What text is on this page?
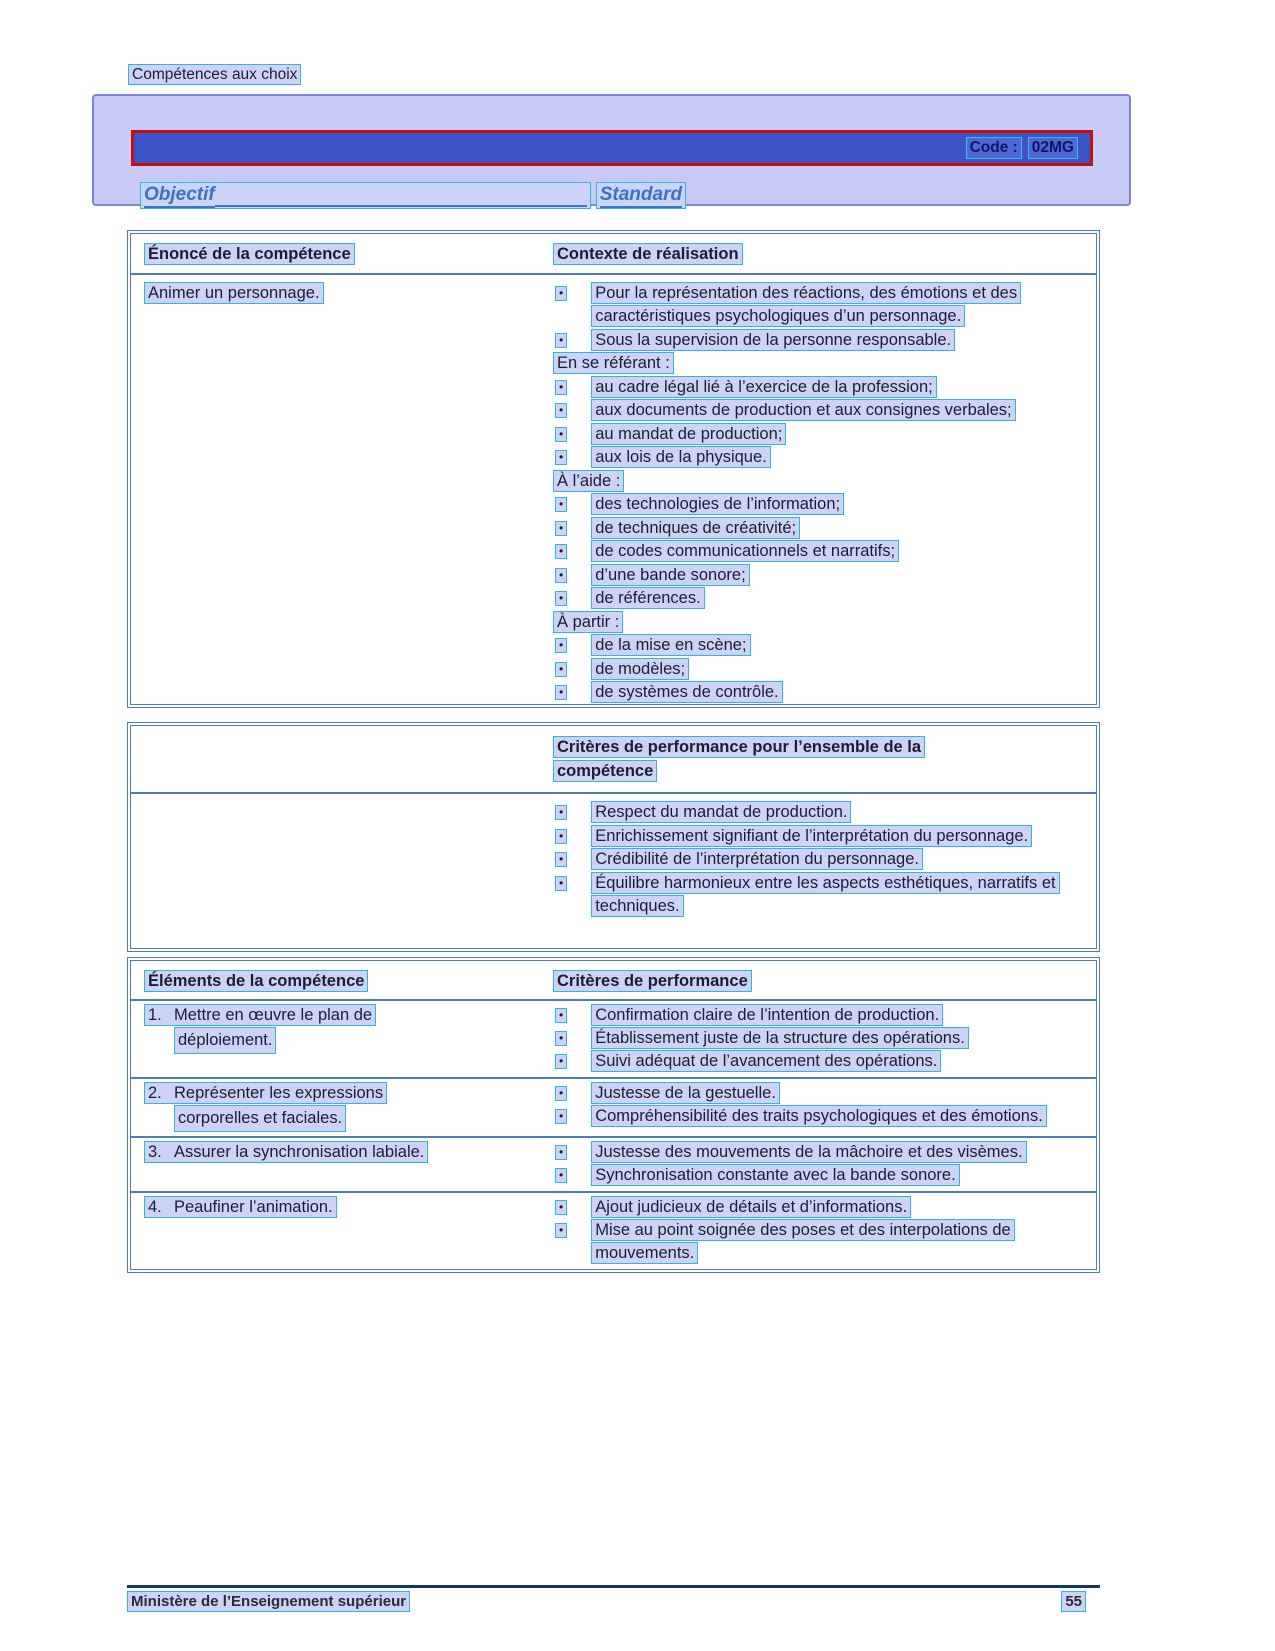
Compétences aux choix
Code : 02MG
Objectif	Standard
Énoncé de la compétence	Contexte de réalisation
Animer un personnage.	• Pour la représentation des réactions, des émotions et des caractéristiques psychologiques d’un personnage.
• Sous la supervision de la personne responsable.
En se référant :
• au cadre légal lié à l’exercice de la profession;
• aux documents de production et aux consignes verbales;
• au mandat de production;
• aux lois de la physique.
À l’aide :
• des technologies de l’information;
• de techniques de créativité;
• de codes communicationnels et narratifs;
• d’une bande sonore;
• de références.
À partir :
• de la mise en scène;
• de modèles;
• de systèmes de contrôle.
Critères de performance pour l’ensemble de la compétence
• Respect du mandat de production.
• Enrichissement signifiant de l’interprétation du personnage.
• Crédibilité de l’interprétation du personnage.
• Équilibre harmonieux entre les aspects esthétiques, narratifs et techniques.
Éléments de la compétence	Critères de performance
1. Mettre en œuvre le plan de
déploiement.
• Confirmation claire de l’intention de production.
• Établissement juste de la structure des opérations.
• Suivi adéquat de l’avancement des opérations.
2. Représenter les expressions
corporelles et faciales.
• Justesse de la gestuelle.
• Compréhensibilité des traits psychologiques et des émotions.
3. Assurer la synchronisation labiale.	• Justesse des mouvements de la mâchoire et des visèmes.
• Synchronisation constante avec la bande sonore.
4. Peaufiner l’animation.	• Ajout judicieux de détails et d’informations.
• Mise au point soignée des poses et des interpolations de mouvements.
Ministère de l’Enseignement supérieur	55
